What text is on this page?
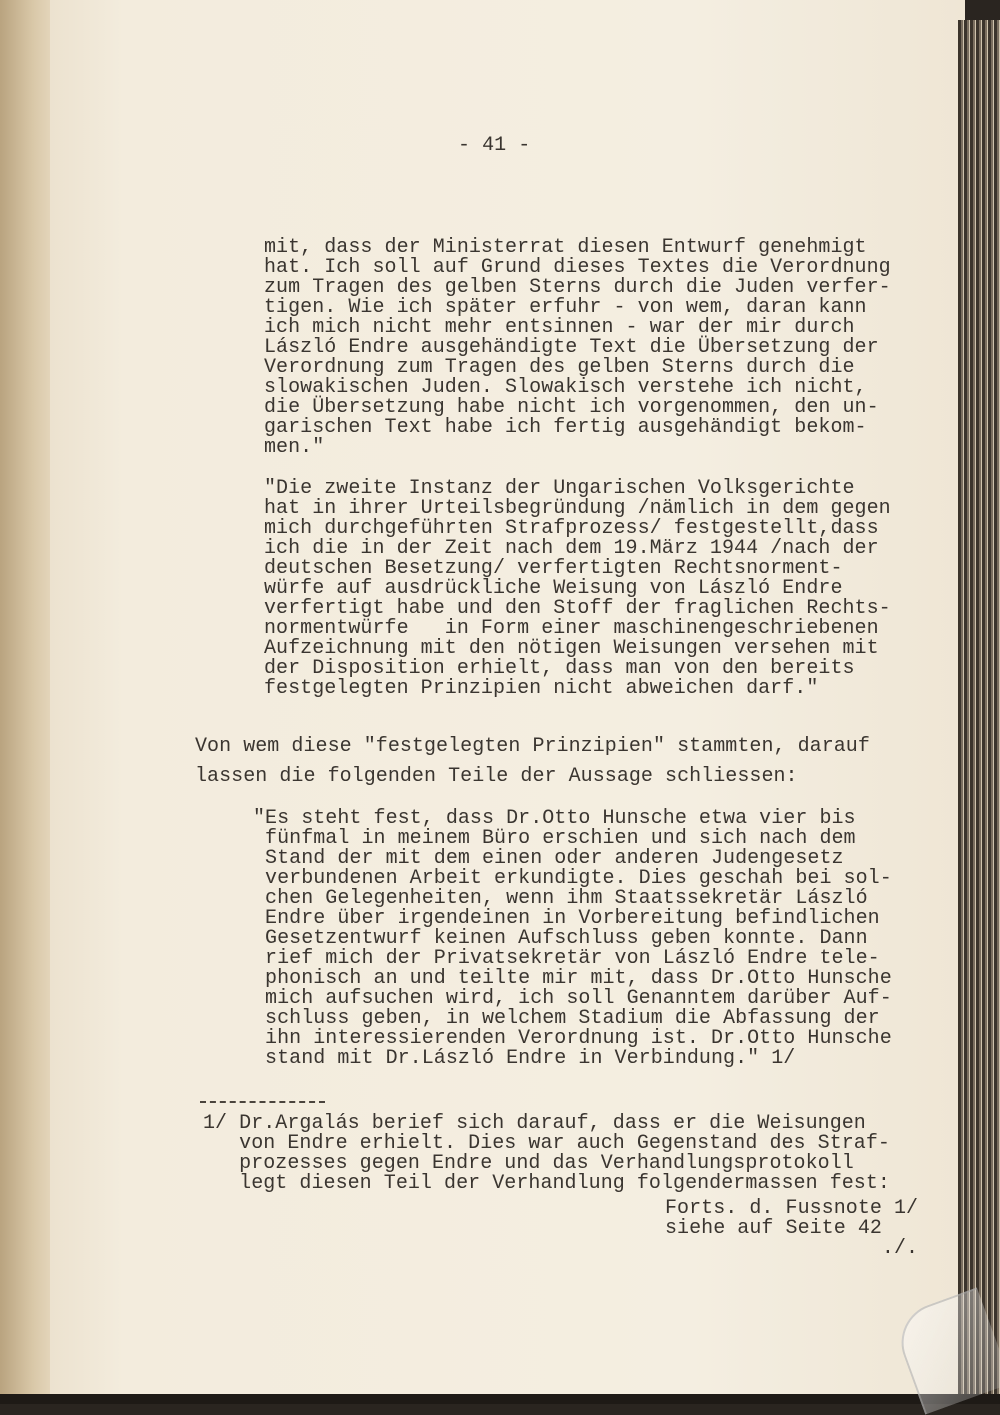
- 41 -
mit, dass der Ministerrat diesen Entwurf genehmigt
hat. Ich soll auf Grund dieses Textes die Verordnung
zum Tragen des gelben Sterns durch die Juden verfer-
tigen. Wie ich später erfuhr - von wem, daran kann
ich mich nicht mehr entsinnen - war der mir durch
László Endre ausgehändigte Text die Übersetzung der
Verordnung zum Tragen des gelben Sterns durch die
slowakischen Juden. Slowakisch verstehe ich nicht,
die Übersetzung habe nicht ich vorgenommen, den un-
garischen Text habe ich fertig ausgehändigt bekom-
men."
"Die zweite Instanz der Ungarischen Volksgerichte
hat in ihrer Urteilsbegründung /nämlich in dem gegen
mich durchgeführten Strafprozess/ festgestellt,dass
ich die in der Zeit nach dem 19.März 1944 /nach der
deutschen Besetzung/ verfertigten Rechtsnorment-
würfe auf ausdrückliche Weisung von László Endre
verfertigt habe und den Stoff der fraglichen Rechts-
normentwürfe   in Form einer maschinengeschriebenen
Aufzeichnung mit den nötigen Weisungen versehen mit
der Disposition erhielt, dass man von den bereits
festgelegten Prinzipien nicht abweichen darf."
Von wem diese "festgelegten Prinzipien" stammten, darauf
lassen die folgenden Teile der Aussage schliessen:
"Es steht fest, dass Dr.Otto Hunsche etwa vier bis
fünfmal in meinem Büro erschien und sich nach dem
Stand der mit dem einen oder anderen Judengesetz
verbundenen Arbeit erkundigte. Dies geschah bei sol-
chen Gelegenheiten, wenn ihm Staatssekretär László
Endre über irgendeinen in Vorbereitung befindlichen
Gesetzentwurf keinen Aufschluss geben konnte. Dann
rief mich der Privatsekretär von László Endre tele-
phonisch an und teilte mir mit, dass Dr.Otto Hunsche
mich aufsuchen wird, ich soll Genanntem darüber Auf-
schluss geben, in welchem Stadium die Abfassung der
ihn interessierenden Verordnung ist. Dr.Otto Hunsche
stand mit Dr.László Endre in Verbindung." 1/
1/ Dr.Argalás berief sich darauf, dass er die Weisungen
von Endre erhielt. Dies war auch Gegenstand des Straf-
prozesses gegen Endre und das Verhandlungsprotokoll
legt diesen Teil der Verhandlung folgendermassen fest:
Forts. d. Fussnote 1/
siehe auf Seite 42
./.
